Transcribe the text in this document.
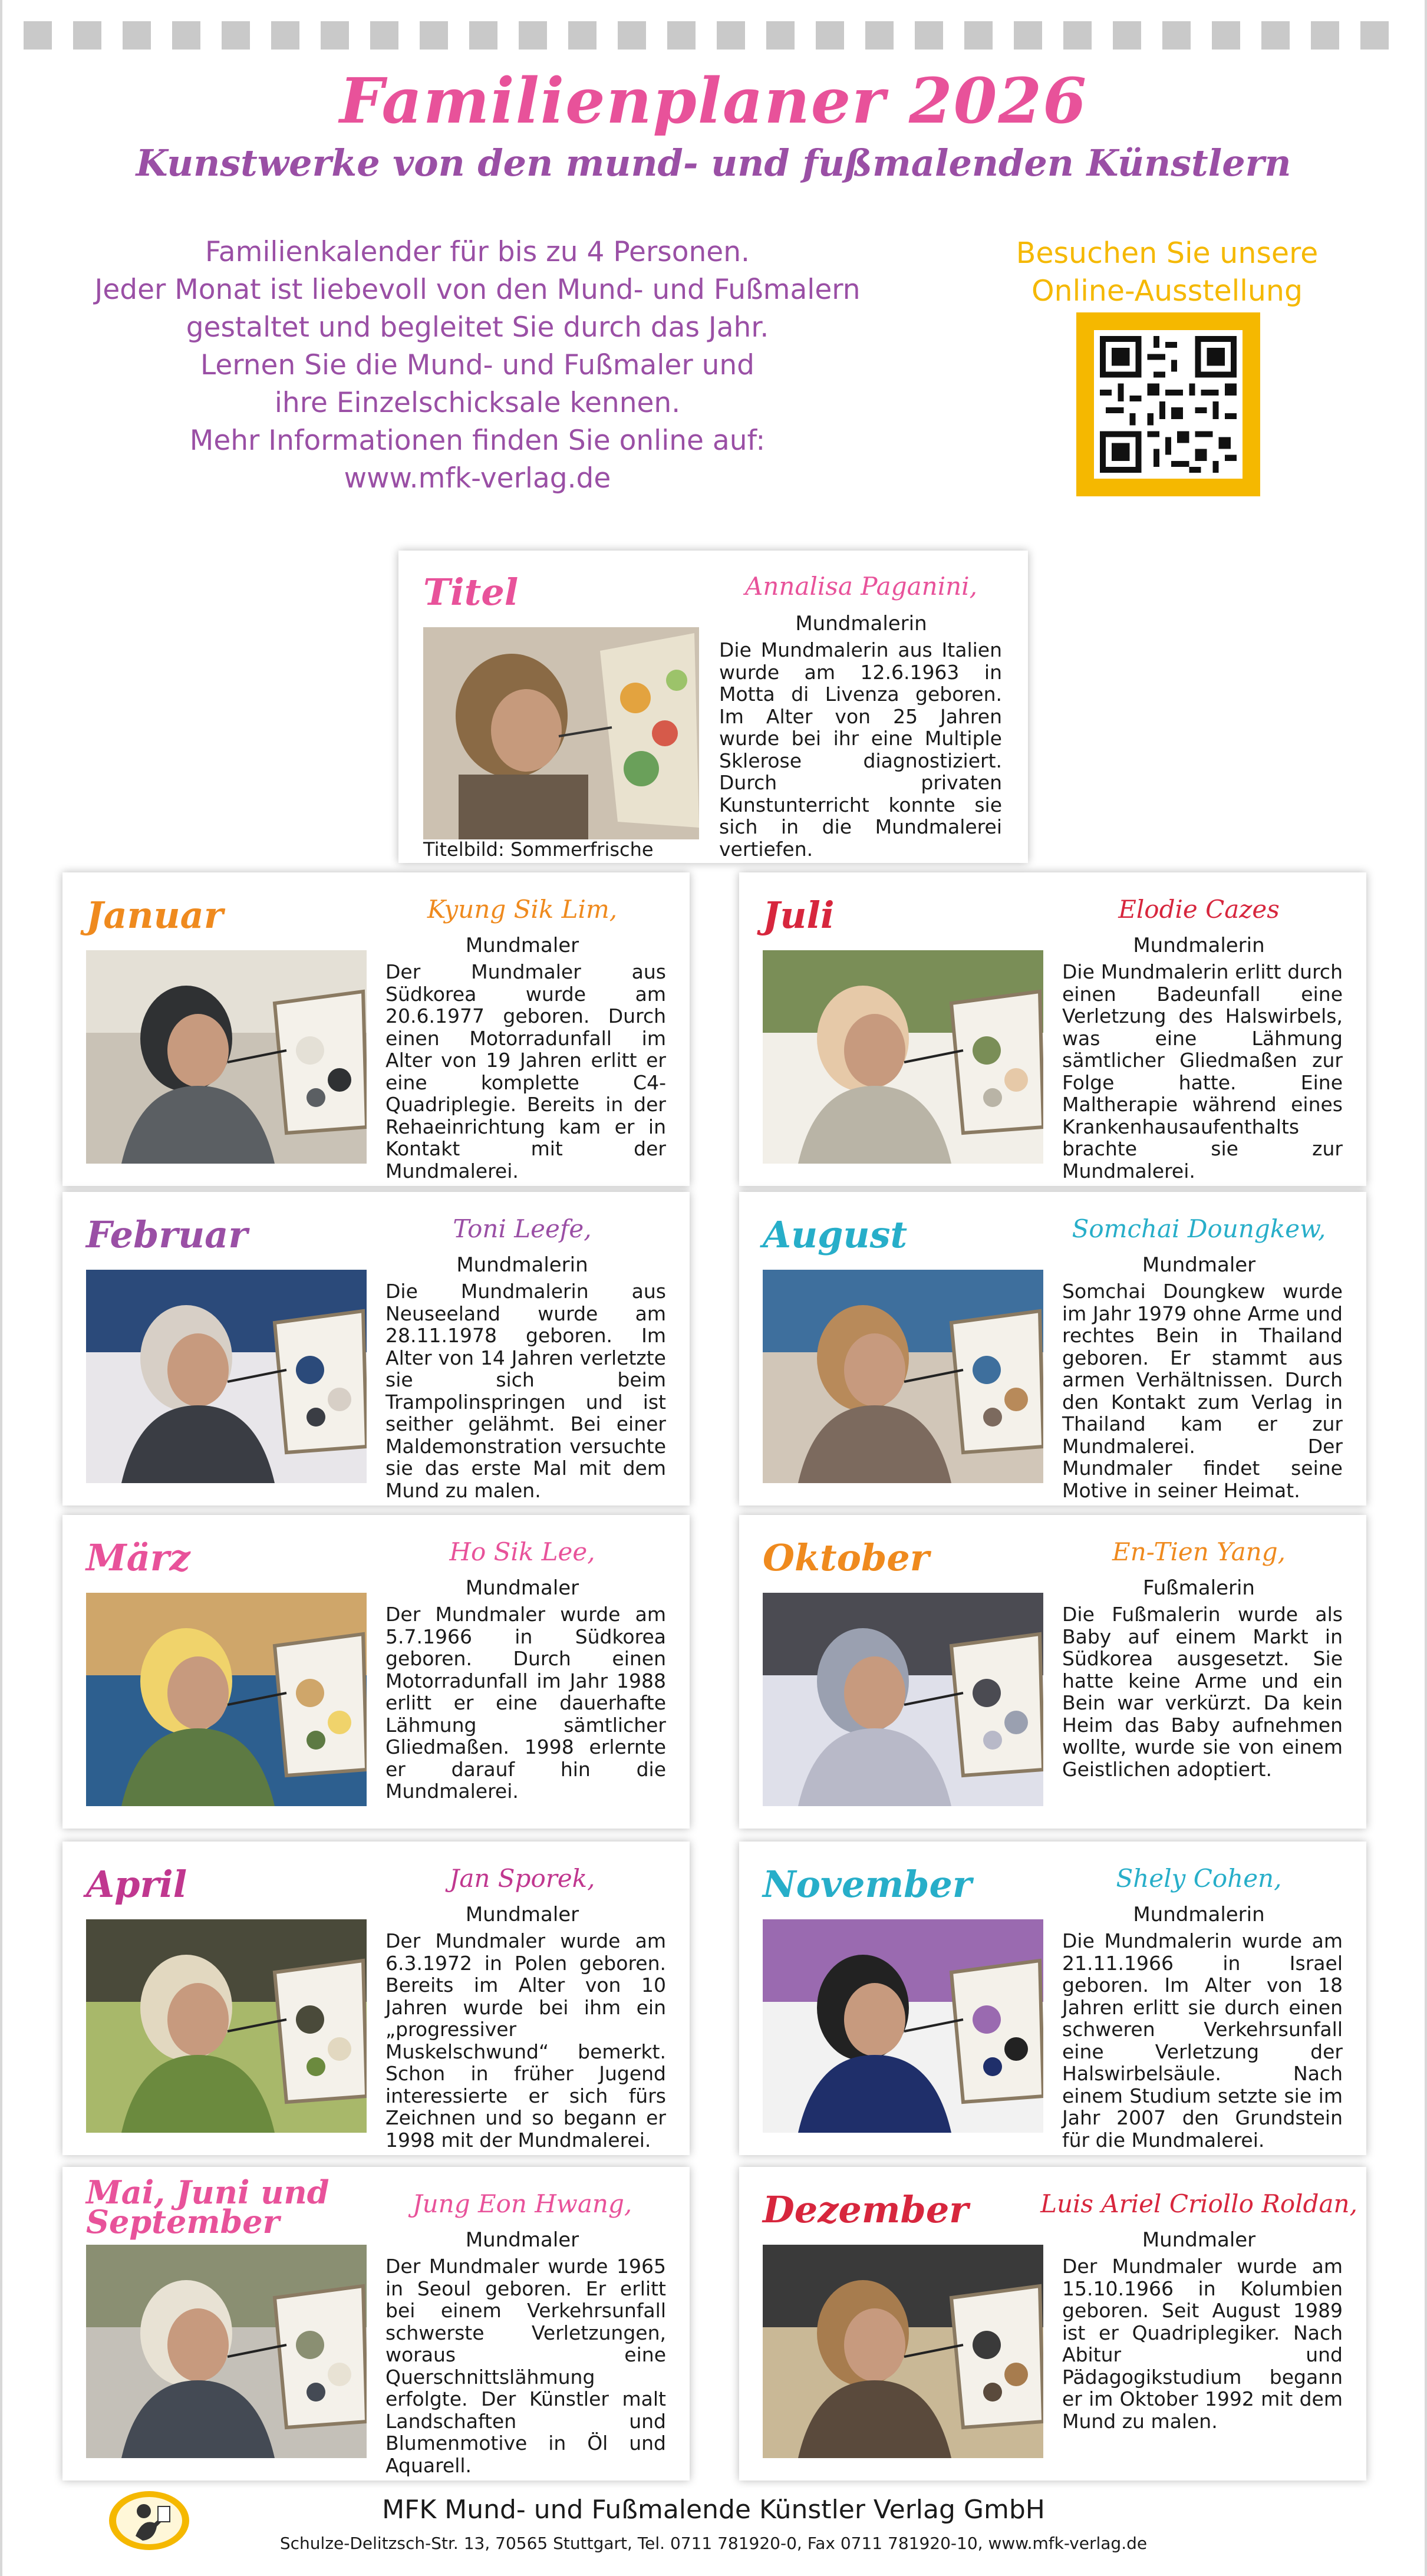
Familienplaner 2026
Kunstwerke von den mund- und fußmalenden Künstlern
Familienkalender für bis zu 4 Personen.
Jeder Monat ist liebevoll von den Mund- und Fußmalern
gestaltet und begleitet Sie durch das Jahr.
Lernen Sie die Mund- und Fußmaler und
ihre Einzelschicksale kennen.
Mehr Informationen finden Sie online auf:
www.mfk-verlag.de
Besuchen Sie unsere
Online-Ausstellung
Titel	Annalisa Paganini,
Mundmalerin
Die Mundmalerin aus Italien wurde am 12.6.1963 in Motta di Livenza geboren. Im Alter von 25 Jahren wurde bei ihr eine Multiple Sklerose diagnostiziert. Durch privaten Kunstunterricht konnte sie sich in die Mundmalerei vertiefen.
Titelbild: Sommerfrische
Januar	Kyung Sik Lim,
Mundmaler
Der Mundmaler aus Südkorea wurde am 20.6.1977 geboren. Durch einen Motorradunfall im Alter von 19 Jahren erlitt er eine komplette C4-Quadriplegie. Bereits in der Rehaeinrichtung kam er in Kontakt mit der Mundmalerei.
Juli	Elodie Cazes
Mundmalerin
Die Mundmalerin erlitt durch einen Badeunfall eine Verletzung des Halswirbels, was eine Lähmung sämtlicher Gliedmaßen zur Folge hatte. Eine Maltherapie während eines Krankenhausaufenthalts brachte sie zur Mundmalerei.
Februar	Toni Leefe,
Mundmalerin
Die Mundmalerin aus Neuseeland wurde am 28.11.1978 geboren. Im Alter von 14 Jahren verletzte sie sich beim Trampolinspringen und ist seither gelähmt. Bei einer Maldemonstration versuchte sie das erste Mal mit dem Mund zu malen.
August	Somchai Doungkew,
Mundmaler
Somchai Doungkew wurde im Jahr 1979 ohne Arme und rechtes Bein in Thailand geboren. Er stammt aus armen Verhältnissen. Durch den Kontakt zum Verlag in Thailand kam er zur Mundmalerei. Der Mundmaler findet seine Motive in seiner Heimat.
März	Ho Sik Lee,
Mundmaler
Der Mundmaler wurde am 5.7.1966 in Südkorea geboren. Durch einen Motorradunfall im Jahr 1988 erlitt er eine dauerhafte Lähmung sämtlicher Gliedmaßen. 1998 erlernte er darauf hin die Mundmalerei.
Oktober	En-Tien Yang,
Fußmalerin
Die Fußmalerin wurde als Baby auf einem Markt in Südkorea ausgesetzt. Sie hatte keine Arme und ein Bein war verkürzt. Da kein Heim das Baby aufnehmen wollte, wurde sie von einem Geistlichen adoptiert.
April	Jan Sporek,
Mundmaler
Der Mundmaler wurde am 6.3.1972 in Polen geboren. Bereits im Alter von 10 Jahren wurde bei ihm ein „progressiver Muskelschwund“ bemerkt. Schon in früher Jugend interessierte er sich fürs Zeichnen und so begann er 1998 mit der Mundmalerei.
November	Shely Cohen,
Mundmalerin
Die Mundmalerin wurde am 21.11.1966 in Israel geboren. Im Alter von 18 Jahren erlitt sie durch einen schweren Verkehrsunfall eine Verletzung der Halswirbelsäule. Nach einem Studium setzte sie im Jahr 2007 den Grundstein für die Mundmalerei.
Mai, Juni und September	Jung Eon Hwang,
Mundmaler
Der Mundmaler wurde 1965 in Seoul geboren. Er erlitt bei einem Verkehrsunfall schwerste Verletzungen, woraus eine Querschnittslähmung erfolgte. Der Künstler malt Landschaften und Blumenmotive in Öl und Aquarell.
Dezember	Luis Ariel Criollo Roldan,
Mundmaler
Der Mundmaler wurde am 15.10.1966 in Kolumbien geboren. Seit August 1989 ist er Quadriplegiker. Nach Abitur und Pädagogikstudium begann er im Oktober 1992 mit dem Mund zu malen.
MFK Mund- und Fußmalende Künstler Verlag GmbH
Schulze-Delitzsch-Str. 13, 70565 Stuttgart, Tel. 0711 781920-0, Fax 0711 781920-10, www.mfk-verlag.de
